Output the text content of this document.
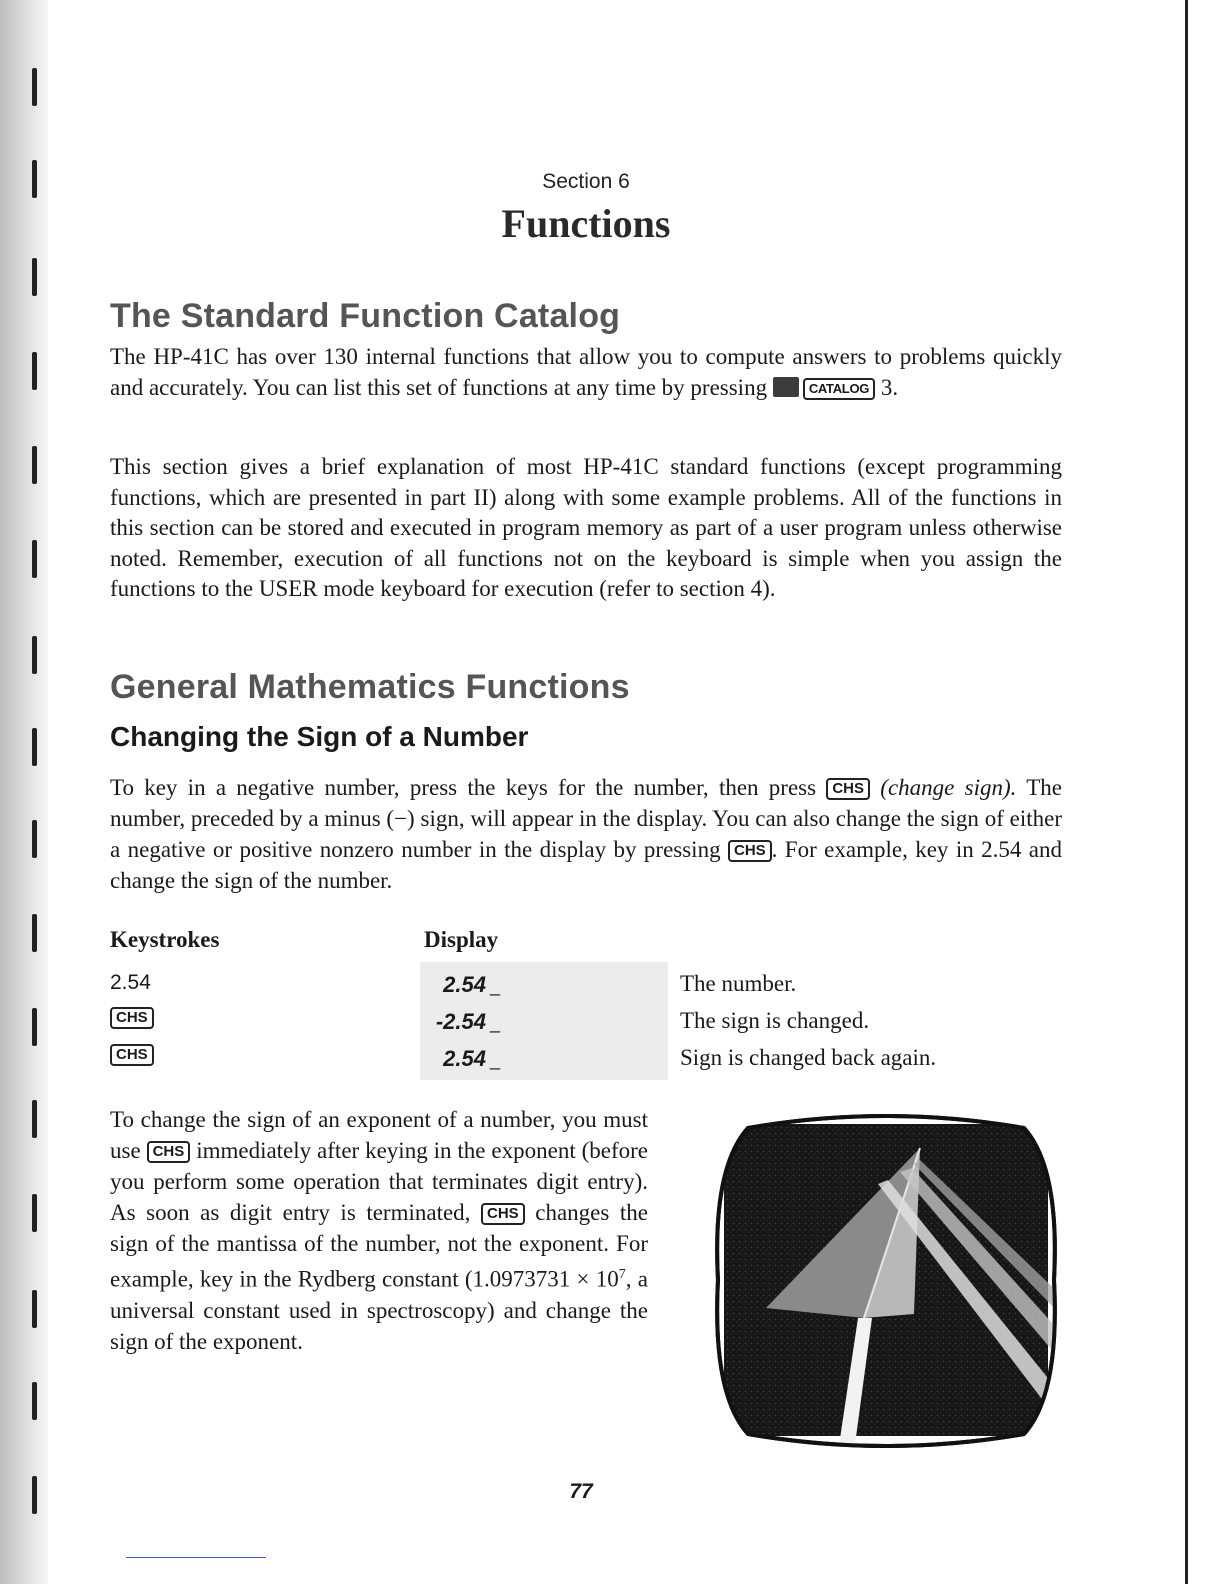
Section 6
Functions
The Standard Function Catalog

The HP-41C has over 130 internal functions that allow you to compute answers to problems quickly and accurately. You can list this set of functions at any time by pressing	CATALOG 3.

This section gives a brief explanation of most HP-41C standard functions (except programming functions, which are presented in part II) along with some example problems. All of the functions in this section can be stored and executed in program memory as part of a user program unless otherwise noted. Remember, execution of all functions not on the keyboard is simple when you assign the functions to the USER mode keyboard for execution (refer to section 4).

General Mathematics Functions
Changing the Sign of a Number

To key in a negative number, press the keys for the number, then press CHS (change sign). The number, preceded by a minus (−) sign, will appear in the display. You can also change the sign of either a negative or positive nonzero number in the display by pressing CHS . For example, key in 2.54 and change the sign of the number.

Keystrokes	Display
2.54	2.54 _	The number.
CHS	-2.54 _	The sign is changed.
CHS	2.54 _	Sign is changed back again.

To change the sign of an exponent of a number, you must use CHS immediately after keying in the exponent (before you perform some operation that terminates digit entry). As soon as digit entry is terminated, CHS changes the sign of the mantissa of the number, not the exponent. For example, key in the Rydberg constant ($1.0973731 \times 10^7$, a universal constant used in spectroscopy) and change the sign of the exponent.

77
